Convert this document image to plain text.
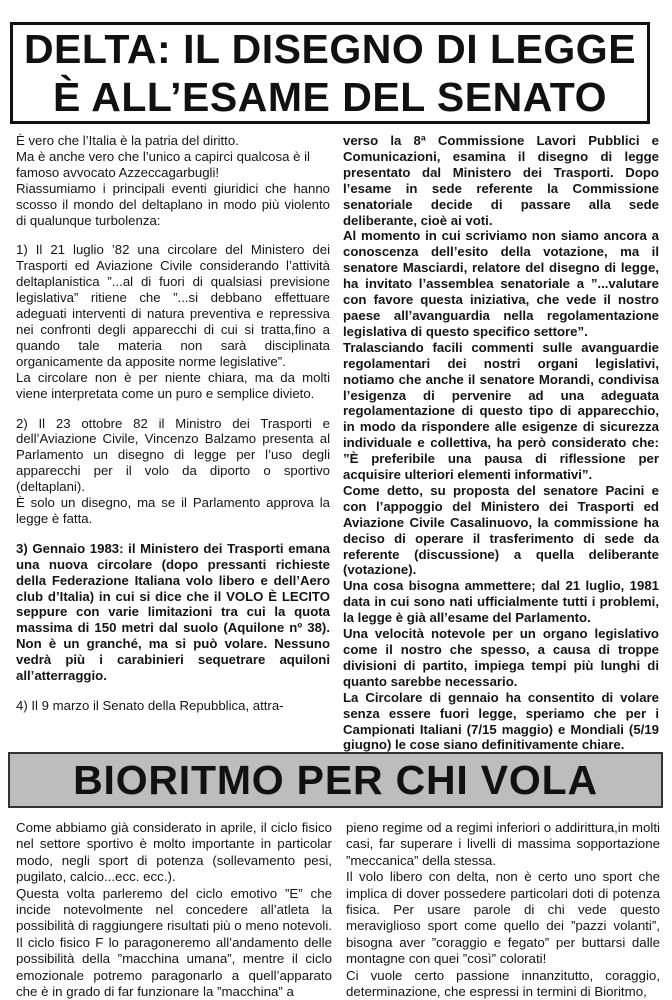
DELTA: IL DISEGNO DI LEGGE
È ALL’ESAME DEL SENATO

È vero che l’Italia è la patria del diritto.

Ma è anche vero che l’unico a capirci qualcosa è il famoso avvocato Azzeccagarbugli!

Riassumiamo i principali eventi giuridici che hanno scosso il mondo del deltaplano in modo più violento di qualunque turbolenza:

1) Il 21 luglio ’82 una circolare del Ministero dei Trasporti ed Aviazione Civile considerando l’attività deltaplanistica ”...al di fuori di qualsiasi previsione legislativa” ritiene che ”...si debbano effettuare adeguati interventi di natura preventiva e repressiva nei confronti degli apparecchi di cui si tratta,fino a quando tale materia non sarà disciplinata organicamente da apposite norme legislative”.

La circolare non è per niente chiara, ma da molti viene interpretata come un puro e semplice divieto.

2) Il 23 ottobre 82 il Ministro dei Trasporti e dell’Aviazione Civile, Vincenzo Balzamo presenta al Parlamento un disegno di legge per l’uso degli apparecchi per il volo da diporto o sportivo (deltaplani).

È solo un disegno, ma se il Parlamento approva la legge è fatta.

3) Gennaio 1983: il Ministero dei Trasporti emana una nuova circolare (dopo pressanti richieste della Federazione Italiana volo libero e dell’Aero club d’Italia) in cui si dice che il VOLO È LECITO seppure con varie limitazioni tra cui la quota massima di 150 metri dal suolo (Aquilone nº 38). Non è un granché, ma si può volare. Nessuno vedrà più i carabinieri sequetrare aquiloni all’atterraggio.

4) Il 9 marzo il Senato della Repubblica, attra-

verso la 8ª Commissione Lavori Pubblici e Comunicazioni, esamina il disegno di legge presentato dal Ministero dei Trasporti. Dopo l’esame in sede referente la Commissione senatoriale decide di passare alla sede deliberante, cioè ai voti.

Al momento in cui scriviamo non siamo ancora a conoscenza dell’esito della votazione, ma il senatore Masciardi, relatore del disegno di legge, ha invitato l’assemblea senatoriale a ”...valutare con favore questa iniziativa, che vede il nostro paese all’avanguardia nella regolamentazione legislativa di questo specifico settore”.

Tralasciando facili commenti sulle avanguardie regolamentari dei nostri organi legislativi, notiamo che anche il senatore Morandi, condivisa l’esigenza di pervenire ad una adeguata regolamentazione di questo tipo di apparecchio, in modo da rispondere alle esigenze di sicurezza individuale e collettiva, ha però considerato che: ”È preferibile una pausa di riflessione per acquisire ulteriori elementi informativi”.

Come detto, su proposta del senatore Pacini e con l’appoggio del Ministero dei Trasporti ed Aviazione Civile Casalinuovo, la commissione ha deciso di operare il trasferimento di sede da referente (discussione) a quella deliberante (votazione).

Una cosa bisogna ammettere; dal 21 luglio, 1981 data in cui sono nati ufficialmente tutti i problemi, la legge è già all’esame del Parlamento.

Una velocità notevole per un organo legislativo come il nostro che spesso, a causa di troppe divisioni di partito, impiega tempi più lunghi di quanto sarebbe necessario.

La Circolare di gennaio ha consentito di volare senza essere fuori legge, speriamo che per i Campionati Italiani (7/15 maggio) e Mondiali (5/19 giugno) le cose siano definitivamente chiare.

BIORITMO PER CHI VOLA

Come abbiamo già considerato in aprile, il ciclo fisico nel settore sportivo è molto importante in particolar modo, negli sport di potenza (sollevamento pesi, pugilato, calcio...ecc. ecc.).

Questa volta parleremo del ciclo emotivo ”E” che incide notevolmente nel concedere all’atleta la possibilità di raggiungere risultati più o meno notevoli. Il ciclo fisico F lo paragoneremo all’andamento delle possibilità della ”macchina umana”, mentre il ciclo emozionale potremo paragonarlo a quell’apparato che è in grado di far funzionare la ”macchina” a

pieno regime od a regimi inferiori o addirittura,in molti casi, far superare i livelli di massima sopportazione ”meccanica” della stessa.

Il volo libero con delta, non è certo uno sport che implica di dover possedere particolari doti di potenza fisica. Per usare parole di chi vede questo meraviglioso sport come quello dei ”pazzi volanti”, bisogna aver ”coraggio e fegato” per buttarsi dalle montagne con quei ”così” colorati!

Ci vuole certo passione innanzitutto, coraggio, determinazione, che espressi in termini di Bioritmo,
